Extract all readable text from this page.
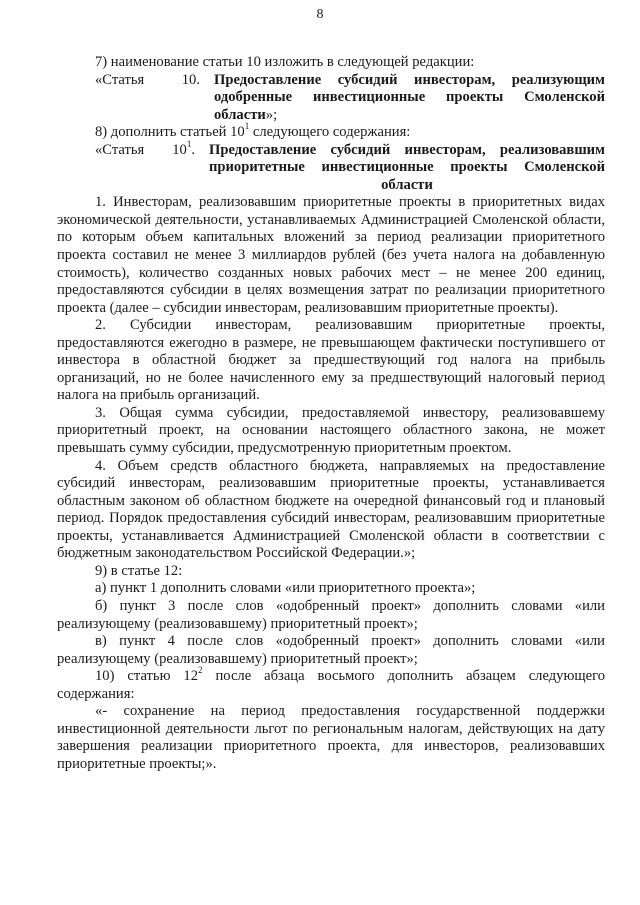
8

7) наименование статьи 10 изложить в следующей редакции:

«Статья	10. Предоставление субсидий инвесторам, реализующим одобренные инвестиционные проекты Смоленской области»;

8) дополнить статьей $10^1$ следующего содержания:

«Статья $10^1$. Предоставление субсидий инвесторам, реализовавшим приоритетные инвестиционные проекты Смоленской
области

1. Инвесторам, реализовавшим приоритетные проекты в приоритетных видах экономической деятельности, устанавливаемых Администрацией Смоленской области, по которым объем капитальных вложений за период реализации приоритетного проекта составил не менее 3 миллиардов рублей (без учета налога на добавленную стоимость), количество созданных новых рабочих мест – не менее 200 единиц, предоставляются субсидии в целях возмещения затрат по реализации приоритетного проекта (далее – субсидии инвесторам, реализовавшим приоритетные проекты).

2. Субсидии инвесторам, реализовавшим приоритетные проекты, предоставляются ежегодно в размере, не превышающем фактически поступившего от инвестора в областной бюджет за предшествующий год налога на прибыль организаций, но не более начисленного ему за предшествующий налоговый период налога на прибыль организаций.

3. Общая сумма субсидии, предоставляемой инвестору, реализовавшему приоритетный проект, на основании настоящего областного закона, не может превышать сумму субсидии, предусмотренную приоритетным проектом.

4. Объем средств областного бюджета, направляемых на предоставление субсидий инвесторам, реализовавшим приоритетные проекты, устанавливается областным законом об областном бюджете на очередной финансовый год и плановый период. Порядок предоставления субсидий инвесторам, реализовавшим приоритетные проекты, устанавливается Администрацией Смоленской области в соответствии с бюджетным законодательством Российской Федерации.»;

9) в статье 12:

а) пункт 1 дополнить словами «или приоритетного проекта»;

б) пункт 3 после слов «одобренный проект» дополнить словами «или реализующему (реализовавшему) приоритетный проект»;

в) пункт 4 после слов «одобренный проект» дополнить словами «или реализующему (реализовавшему) приоритетный проект»;

10) статью $12^2$ после абзаца восьмого дополнить абзацем следующего содержания:

«- сохранение на период предоставления государственной поддержки инвестиционной деятельности льгот по региональным налогам, действующих на дату завершения реализации приоритетного проекта, для инвесторов, реализовавших приоритетные проекты;».
